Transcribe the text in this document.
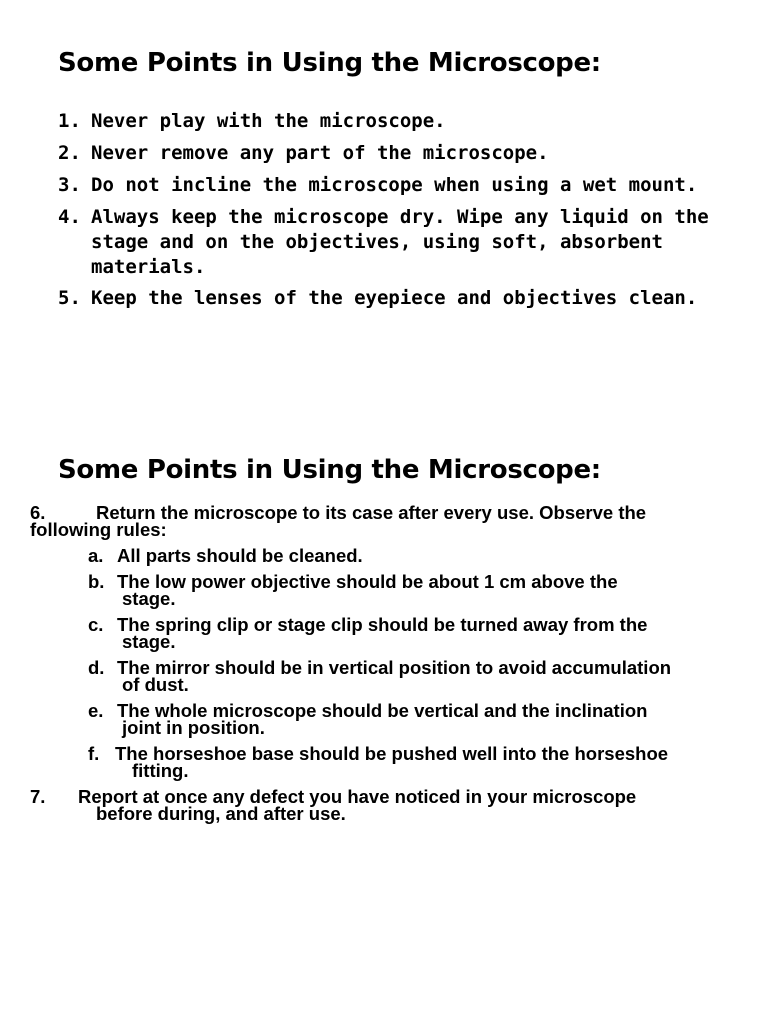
Some Points in Using the Microscope:
1. Never play with the microscope.
2. Never remove any part of the microscope.
3. Do not incline the microscope when using a wet mount.
4. Always keep the microscope dry. Wipe any liquid on the
stage and on the objectives, using soft, absorbent
materials.
5. Keep the lenses of the eyepiece and objectives clean.
Some Points in Using the Microscope:
6.	Return the microscope to its case after every use. Observe the
following rules:
a. All parts should be cleaned.
b. The low power objective should be about 1 cm above the
stage.
c. The spring clip or stage clip should be turned away from the
stage.
d. The mirror should be in vertical position to avoid accumulation
of dust.
e. The whole microscope should be vertical and the inclination
joint in position.
f. The horseshoe base should be pushed well into the horseshoe
fitting.
7. Report at once any defect you have noticed in your microscope
before during, and after use.
